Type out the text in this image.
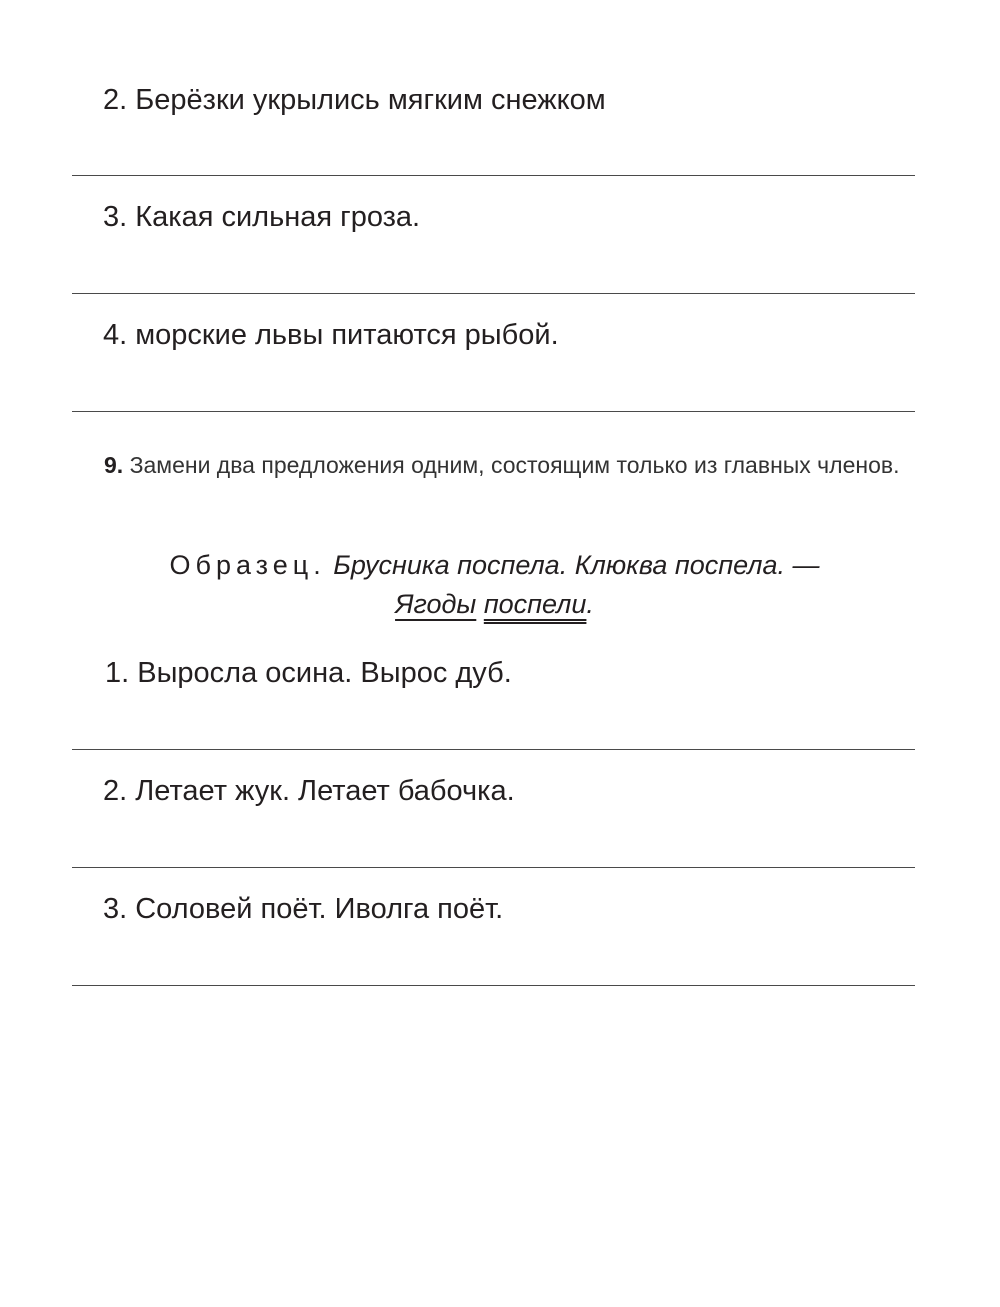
2. Берёзки укрылись мягким снежком
3. Какая сильная гроза.
4. морские львы питаются рыбой.
9. Замени два предложения одним, состоящим только из главных членов.
Образец. Брусника поспела. Клюква поспела. —
Ягоды поспели.
1. Выросла осина. Вырос дуб.
2. Летает жук. Летает бабочка.
3. Соловей поёт. Иволга поёт.
